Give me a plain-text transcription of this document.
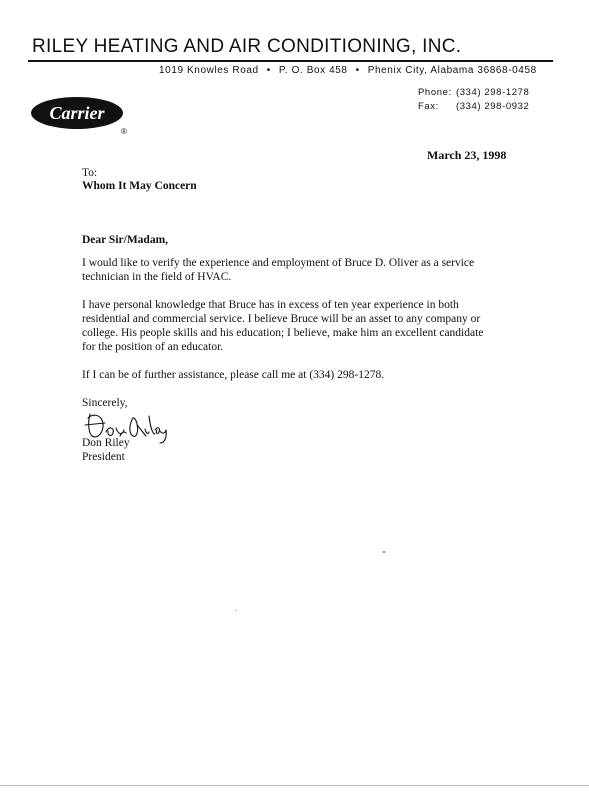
RILEY HEATING AND AIR CONDITIONING, INC.
1019 Knowles Road • P. O. Box 458 • Phenix City, Alabama 36868-0458
Phone: (334) 298-1278
Fax: (334) 298-0932
Carrier
®
March 23, 1998
To:
Whom It May Concern
Dear Sir/Madam,
I would like to verify the experience and employment of Bruce D. Oliver as a service
technician in the field of HVAC.
I have personal knowledge that Bruce has in excess of ten year experience in both
residential and commercial service. I believe Bruce will be an asset to any company or
college. His people skills and his education; I believe, make him an excellent candidate
for the position of an educator.
If I can be of further assistance, please call me at (334) 298-1278.
Sincerely,
Don Riley
President
